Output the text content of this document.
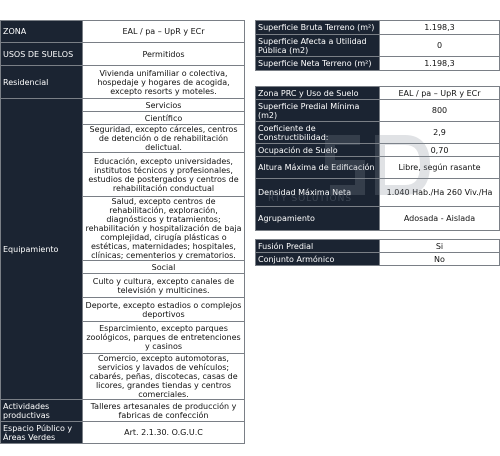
ZONA	EAL / pa – UpR y ECr
USOS DE SUELOS	Permitidos
Residencial	Vivienda unifamiliar o colectiva, hospedaje y hogares de acogida, excepto resorts y moteles.
Equipamiento	Servicios
	Científico
	Seguridad, excepto cárceles, centros de detención o de rehabilitación delictual.
	Educación, excepto universidades, institutos técnicos y profesionales, estudios de postergados y centros de rehabilitación conductual
	Salud, excepto centros de rehabilitación, exploración, diagnósticos y tratamientos; rehabilitación y hospitalización de baja complejidad, cirugía plásticas o estéticas, maternidades; hospitales, clínicas; cementerios y crematorios.
	Social
	Culto y cultura, excepto canales de televisión y multicines.
	Deporte, excepto estadios o complejos deportivos
	Esparcimiento, excepto parques zoológicos, parques de entretenciones y casinos
	Comercio, excepto automotoras, servicios y lavados de vehículos; cabarés, peñas, discotecas, casas de licores, grandes tiendas y centros comerciales.
Actividades productivas	Talleres artesanales de producción y fabricas de confección
Espacio Público y Áreas Verdes	Art. 2.1.30. O.G.U.C
Superficie Bruta Terreno (m²)	1.198,3
Superficie Afecta a Utilidad Pública (m2)	0
Superficie Neta Terreno (m²)	1.198,3
Zona PRC y Uso de Suelo	EAL / pa – UpR y ECr
Superficie Predial Mínima (m2)	800
Coeficiente de Constructibilidad:	2,9
Ocupación de Suelo	0,70
Altura Máxima de Edificación	Libre, según rasante
Densidad Máxima Neta	1.040 Hab./Ha 260 Viv./Ha
Agrupamiento	Adosada - Aislada
Fusión Predial	Si
Conjunto Armónico	No
RTY SOLUTIONS
